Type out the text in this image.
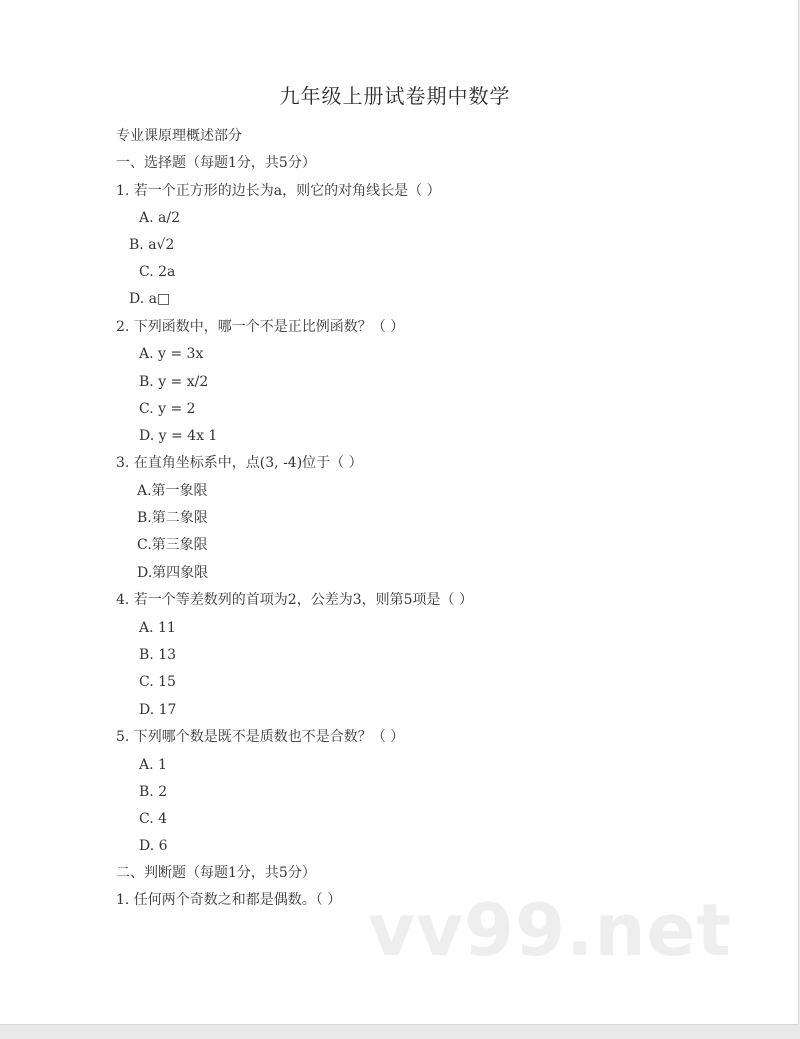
九年级上册试卷期中数学
专业课原理概述部分
一、选择题（每题1分，共5分）
1. 若一个正方形的边长为a，则它的对角线长是（ ）
A. a/2
B. a√2
C. 2a
D. a□
2. 下列函数中，哪一个不是正比例函数？（ ）
A. y = 3x
B. y = x/2
C. y = 2
D. y = 4x 1
3. 在直角坐标系中，点(3, -4)位于（ ）
A.第一象限
B.第二象限
C.第三象限
D.第四象限
4. 若一个等差数列的首项为2，公差为3，则第5项是（ ）
A. 11
B. 13
C. 15
D. 17
5. 下列哪个数是既不是质数也不是合数？（ ）
A. 1
B. 2
C. 4
D. 6
二、判断题（每题1分，共5分）
1. 任何两个奇数之和都是偶数。（ ） vv99.net
